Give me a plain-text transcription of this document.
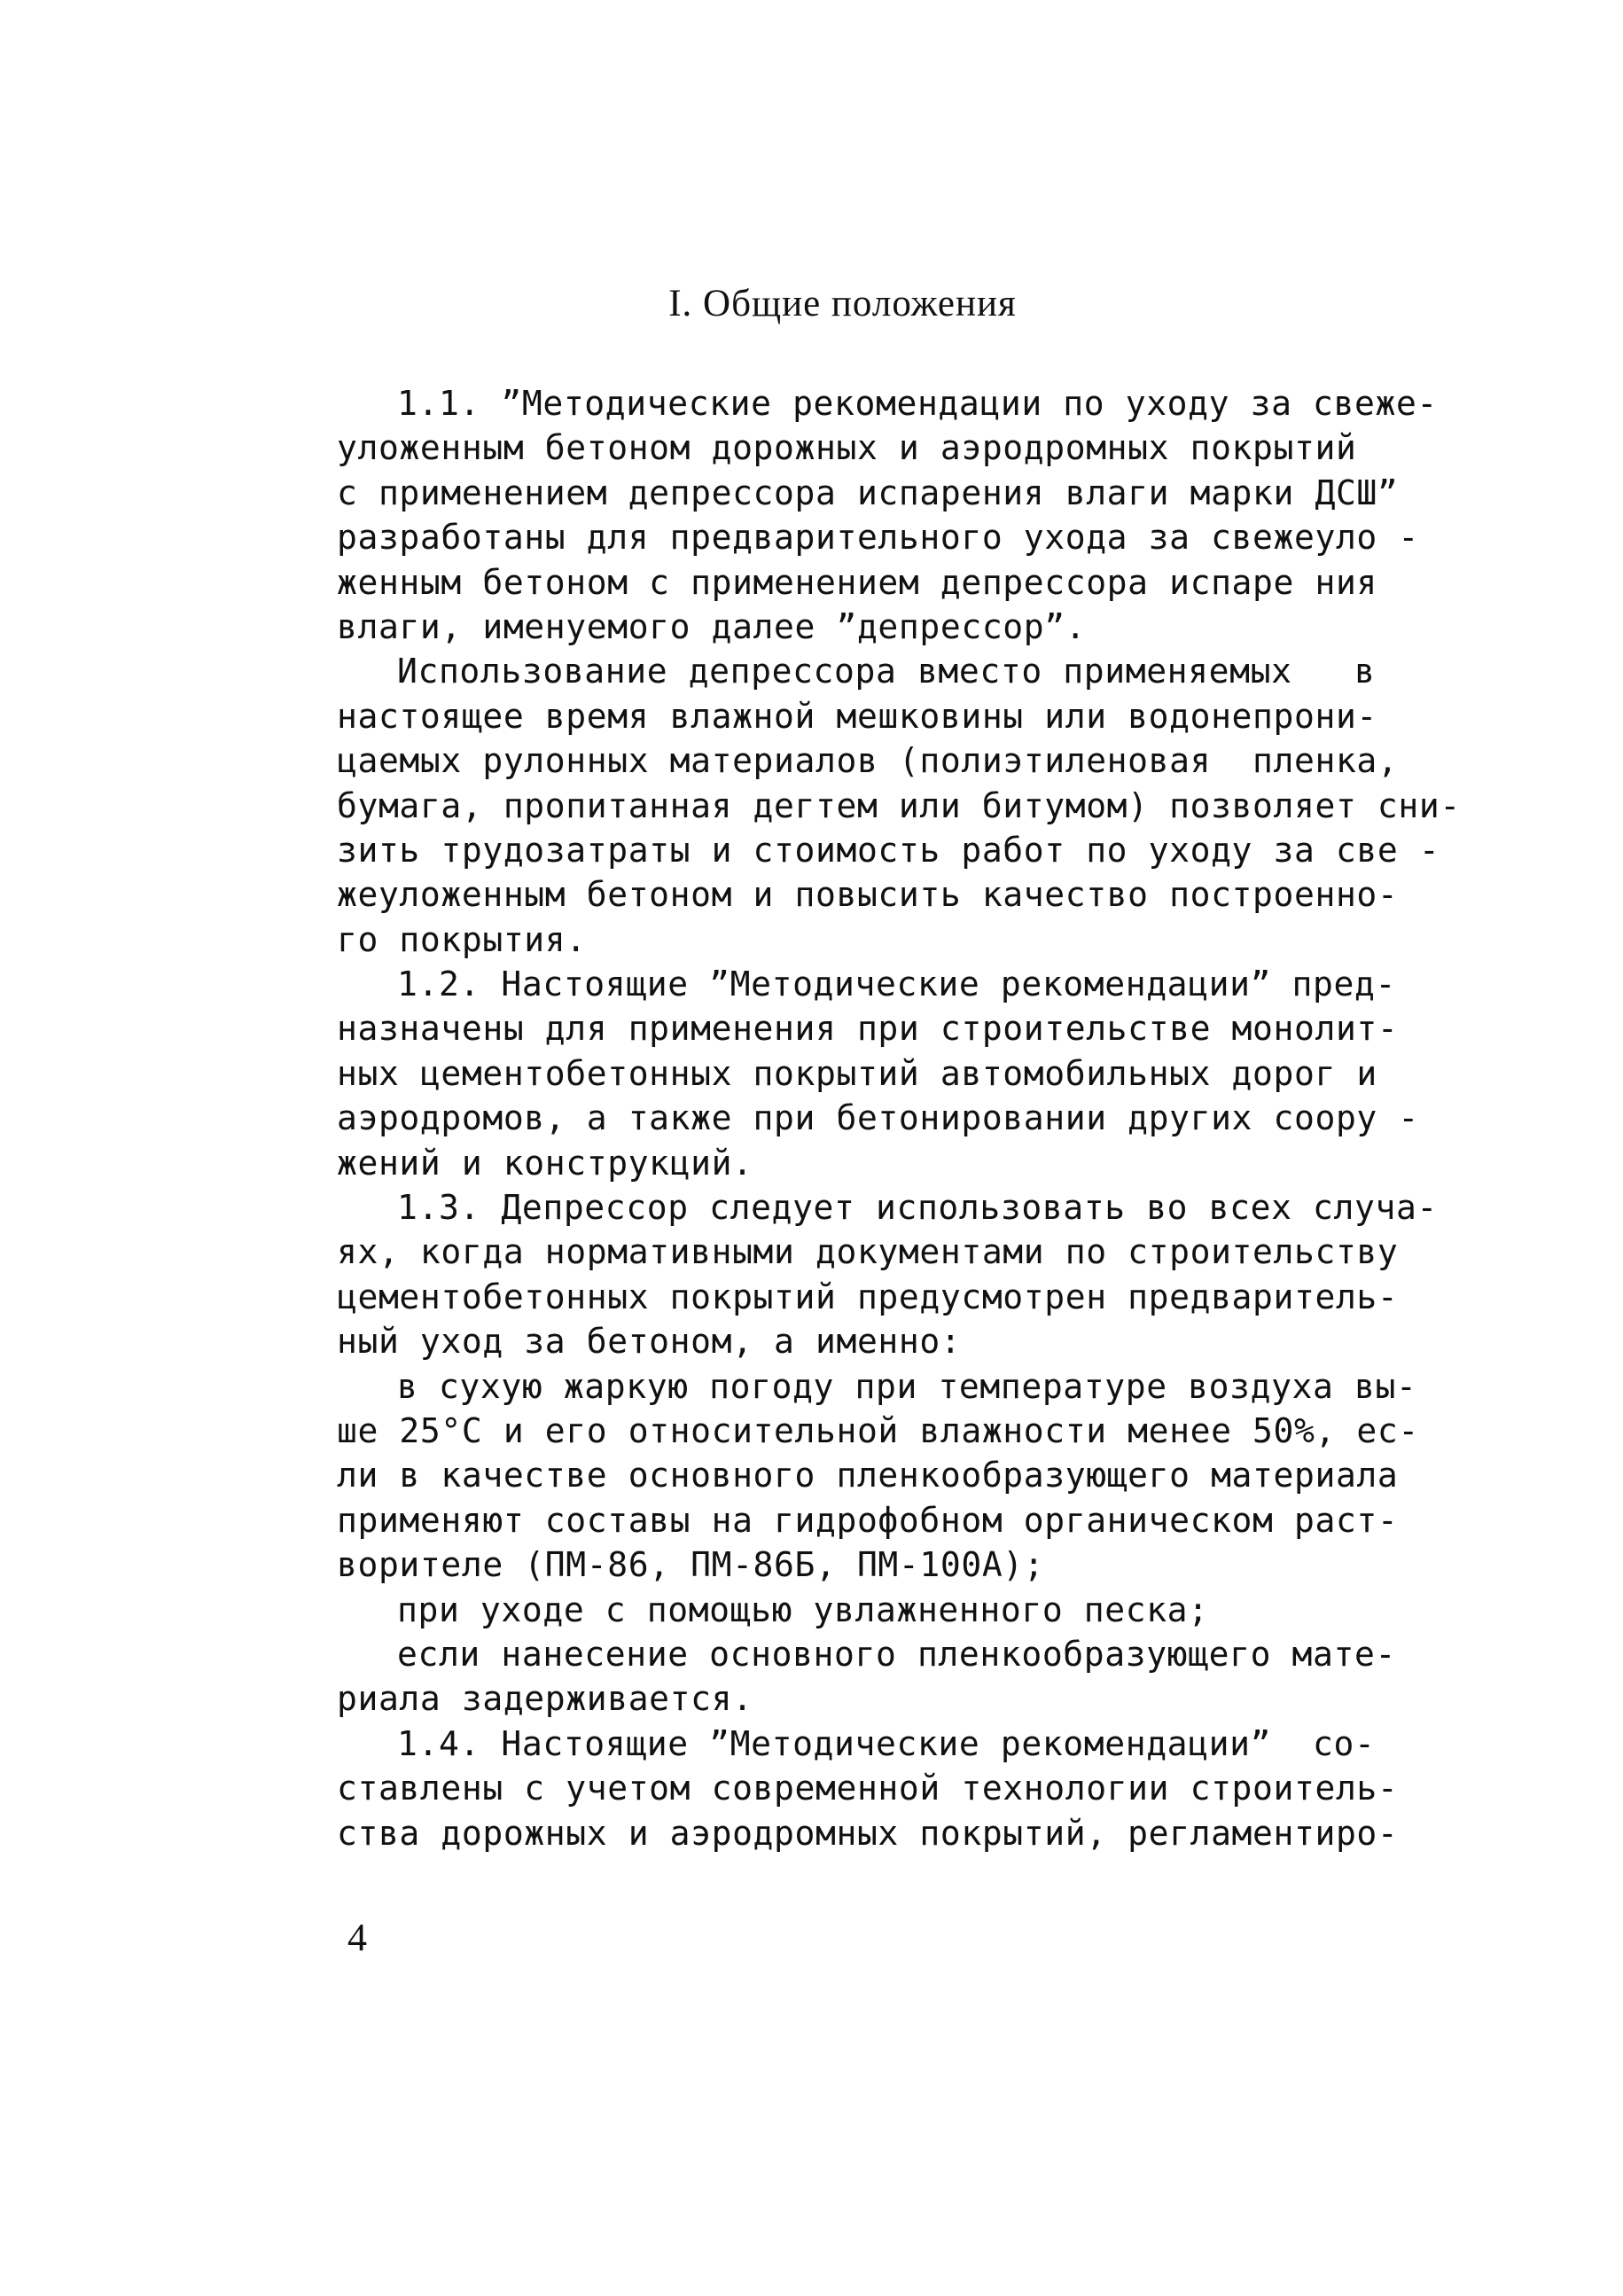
I. Общие положения
1.1. ”Методические рекомендации по уходу за свеже-
уложенным бетоном дорожных и аэродромных покрытий
с применением депрессора испарения влаги марки ДСШ”
разработаны для предварительного ухода за свежеуло -
женным бетоном с применением депрессора испаре ния
влаги, именуемого далее ”депрессор”.
Использование депрессора вместо применяемых   в
настоящее время влажной мешковины или водонепрони-
цаемых рулонных материалов (полиэтиленовая  пленка,
бумага, пропитанная дегтем или битумом) позволяет сни-
зить трудозатраты и стоимость работ по уходу за све -
жеуложенным бетоном и повысить качество построенно-
го покрытия.
1.2. Настоящие ”Методические рекомендации” пред-
назначены для применения при строительстве монолит-
ных цементобетонных покрытий автомобильных дорог и
аэродромов, а также при бетонировании других соору -
жений и конструкций.
1.3. Депрессор следует использовать во всех случа-
ях, когда нормативными документами по строительству
цементобетонных покрытий предусмотрен предваритель-
ный уход за бетоном, а именно:
в сухую жаркую погоду при температуре воздуха вы-
ше 25°С и его относительной влажности менее 50%, ес-
ли в качестве основного пленкообразующего материала
применяют составы на гидрофобном органическом раст-
ворителе (ПМ-86, ПМ-86Б, ПМ-100А);
при уходе с помощью увлажненного песка;
если нанесение основного пленкообразующего мате-
риала задерживается.
1.4. Настоящие ”Методические рекомендации”  со-
ставлены с учетом современной технологии строитель-
ства дорожных и аэродромных покрытий, регламентиро-
4
